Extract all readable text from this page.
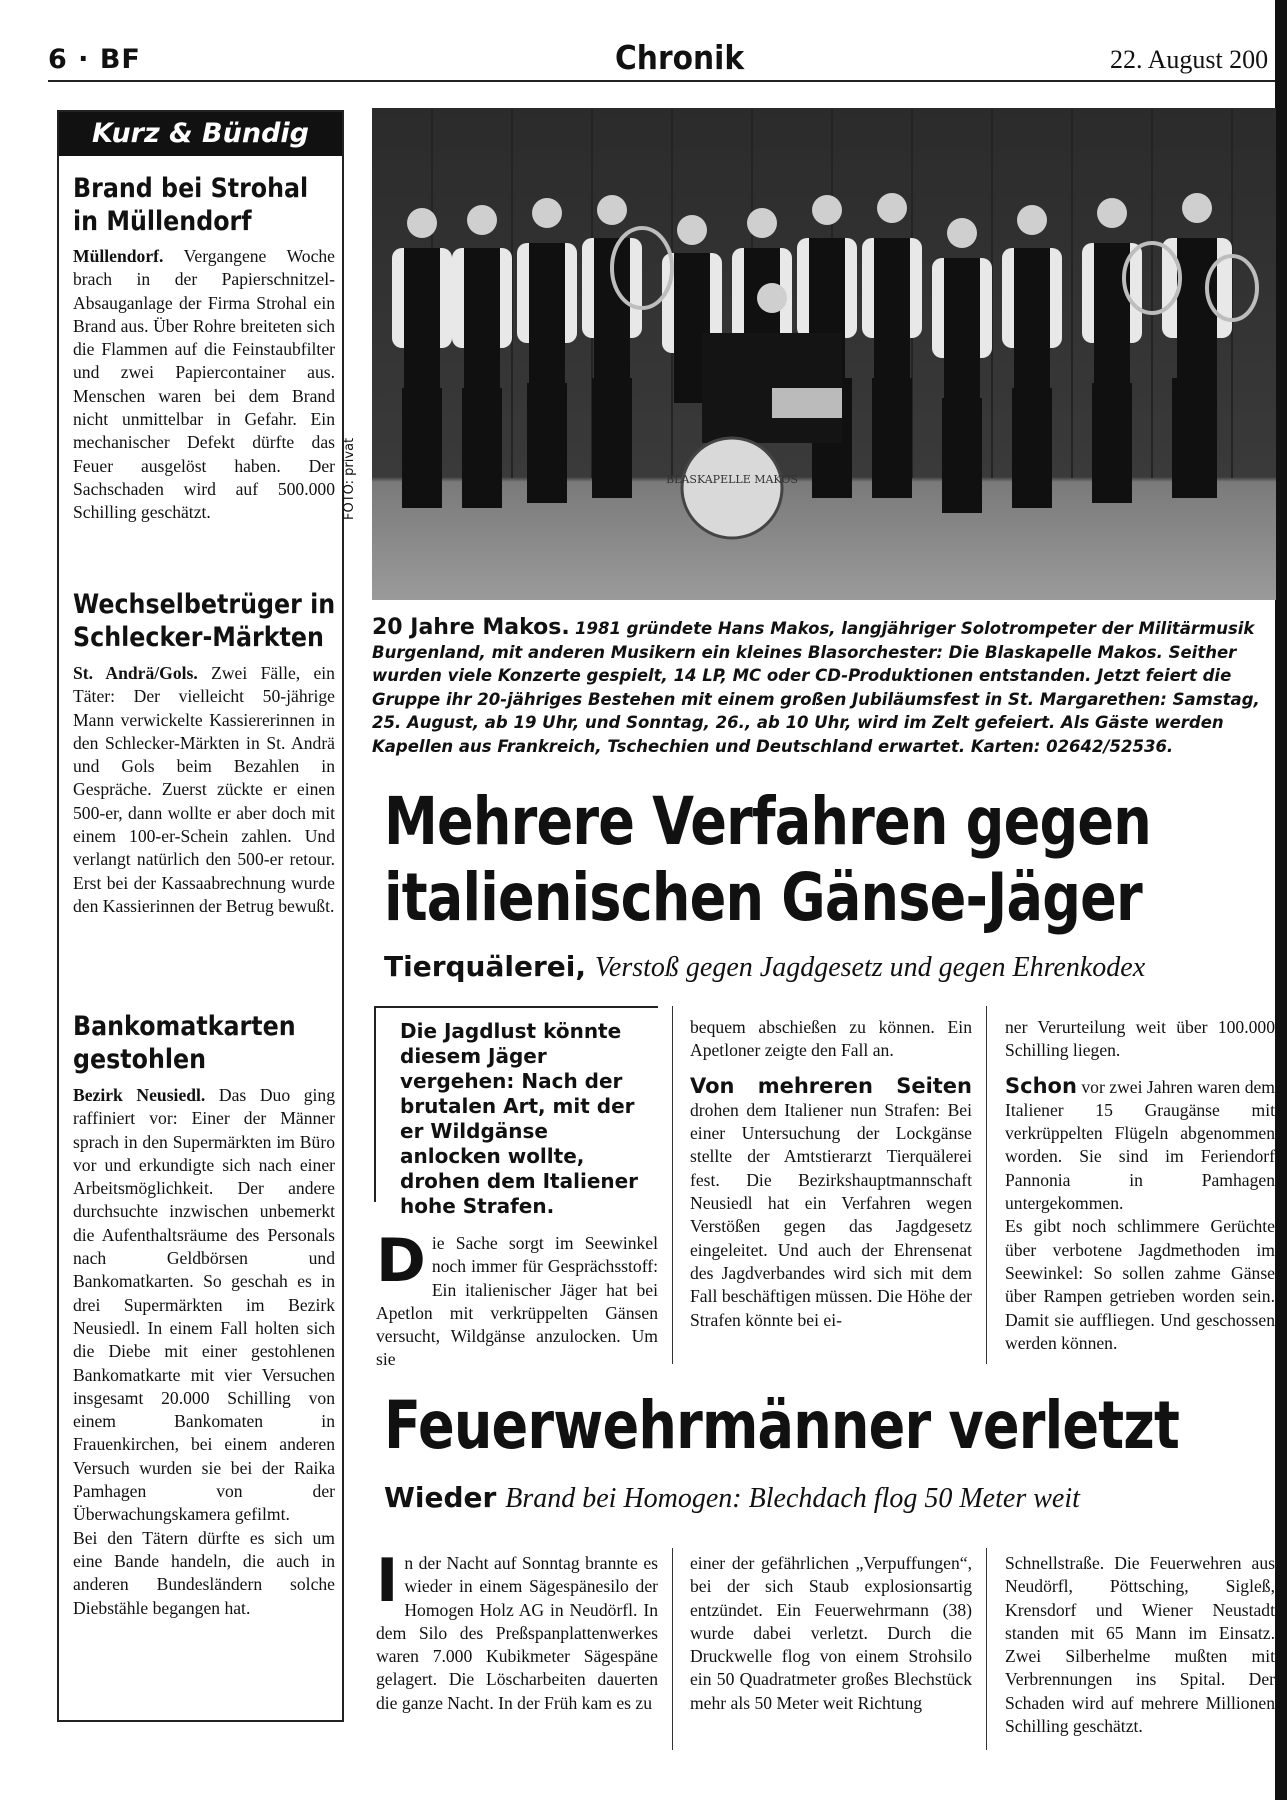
6 · BF	Chronik	22. August 200
Kurz & Bündig
Brand bei Strohal
in Müllendorf
Müllendorf. Vergangene Woche brach in der Papierschnitzel-Absauganlage der Firma Strohal ein Brand aus. Über Rohre breiteten sich die Flammen auf die Feinstaubfilter und zwei Papiercontainer aus. Menschen waren bei dem Brand nicht unmittelbar in Gefahr. Ein mechanischer Defekt dürfte das Feuer ausgelöst haben. Der Sachschaden wird auf 500.000 Schilling geschätzt.
Wechselbetrüger in
Schlecker-Märkten
St. Andrä/Gols. Zwei Fälle, ein Täter: Der vielleicht 50-jährige Mann verwickelte Kassiererinnen in den Schlecker-Märkten in St. Andrä und Gols beim Bezahlen in Gespräche. Zuerst zückte er einen 500-er, dann wollte er aber doch mit einem 100-er-Schein zahlen. Und verlangt natürlich den 500-er retour. Erst bei der Kassaabrechnung wurde den Kassierinnen der Betrug bewußt.
Bankomatkarten
gestohlen
Bezirk Neusiedl. Das Duo ging raffiniert vor: Einer der Männer sprach in den Supermärkten im Büro vor und erkundigte sich nach einer Arbeitsmöglichkeit. Der andere durchsuchte inzwischen unbemerkt die Aufenthaltsräume des Personals nach Geldbörsen und Bankomatkarten. So geschah es in drei Supermärkten im Bezirk Neusiedl. In einem Fall holten sich die Diebe mit einer gestohlenen Bankomatkarte mit vier Versuchen insgesamt 20.000 Schilling von einem Bankomaten in Frauenkirchen, bei einem anderen Versuch wurden sie bei der Raika Pamhagen von der Überwachungskamera gefilmt.
Bei den Tätern dürfte es sich um eine Bande handeln, die auch in anderen Bundesländern solche Diebstähle begangen hat.
BLASKAPELLE MAKOS
FOTO: privat
20 Jahre Makos. 1981 gründete Hans Makos, langjähriger Solotrompeter der Militärmusik Burgenland, mit anderen Musikern ein kleines Blasorchester: Die Blaskapelle Makos. Seither wurden viele Konzerte gespielt, 14 LP, MC oder CD-Produktionen entstanden. Jetzt feiert die Gruppe ihr 20-jähriges Bestehen mit einem großen Jubiläumsfest in St. Margarethen: Samstag, 25. August, ab 19 Uhr, und Sonntag, 26., ab 10 Uhr, wird im Zelt gefeiert. Als Gäste werden Kapellen aus Frankreich, Tschechien und Deutschland erwartet. Karten: 02642/52536.
Mehrere Verfahren gegen
italienischen Gänse-Jäger
Tierquälerei, Verstoß gegen Jagdgesetz und gegen Ehrenkodex
Die Jagdlust könnte diesem Jäger vergehen: Nach der brutalen Art, mit der er Wildgänse anlocken wollte, drohen dem Italiener hohe Strafen.
Die Sache sorgt im Seewinkel noch immer für Gesprächsstoff: Ein italienischer Jäger hat bei Apetlon mit verkrüppelten Gänsen versucht, Wildgänse anzulocken. Um sie
bequem abschießen zu können. Ein Apetloner zeigte den Fall an.
Von mehreren Seiten drohen dem Italiener nun Strafen: Bei einer Untersuchung der Lockgänse stellte der Amtstierarzt Tierquälerei fest. Die Bezirkshauptmannschaft Neusiedl hat ein Verfahren wegen Verstößen gegen das Jagdgesetz eingeleitet. Und auch der Ehrensenat des Jagdverbandes wird sich mit dem Fall beschäftigen müssen. Die Höhe der Strafen könnte bei ei-
ner Verurteilung weit über 100.000 Schilling liegen.
Schon vor zwei Jahren waren dem Italiener 15 Graugänse mit verkrüppelten Flügeln abgenommen worden. Sie sind im Feriendorf Pannonia in Pamhagen untergekommen.
Es gibt noch schlimmere Gerüchte über verbotene Jagdmethoden im Seewinkel: So sollen zahme Gänse über Rampen getrieben worden sein. Damit sie auffliegen. Und geschossen werden können.
Feuerwehrmänner verletzt
Wieder Brand bei Homogen: Blechdach flog 50 Meter weit
In der Nacht auf Sonntag brannte es wieder in einem Sägespänesilo der Homogen Holz AG in Neudörfl. In dem Silo des Preßspanplattenwerkes waren 7.000 Kubikmeter Sägespäne gelagert. Die Löscharbeiten dauerten die ganze Nacht. In der Früh kam es zu
einer der gefährlichen „Verpuffungen“, bei der sich Staub explosionsartig entzündet. Ein Feuerwehrmann (38) wurde dabei verletzt. Durch die Druckwelle flog von einem Strohsilo ein 50 Quadratmeter großes Blechstück mehr als 50 Meter weit Richtung
Schnellstraße. Die Feuerwehren aus Neudörfl, Pöttsching, Sigleß, Krensdorf und Wiener Neustadt standen mit 65 Mann im Einsatz. Zwei Silberhelme mußten mit Verbrennungen ins Spital. Der Schaden wird auf mehrere Millionen Schilling geschätzt.
